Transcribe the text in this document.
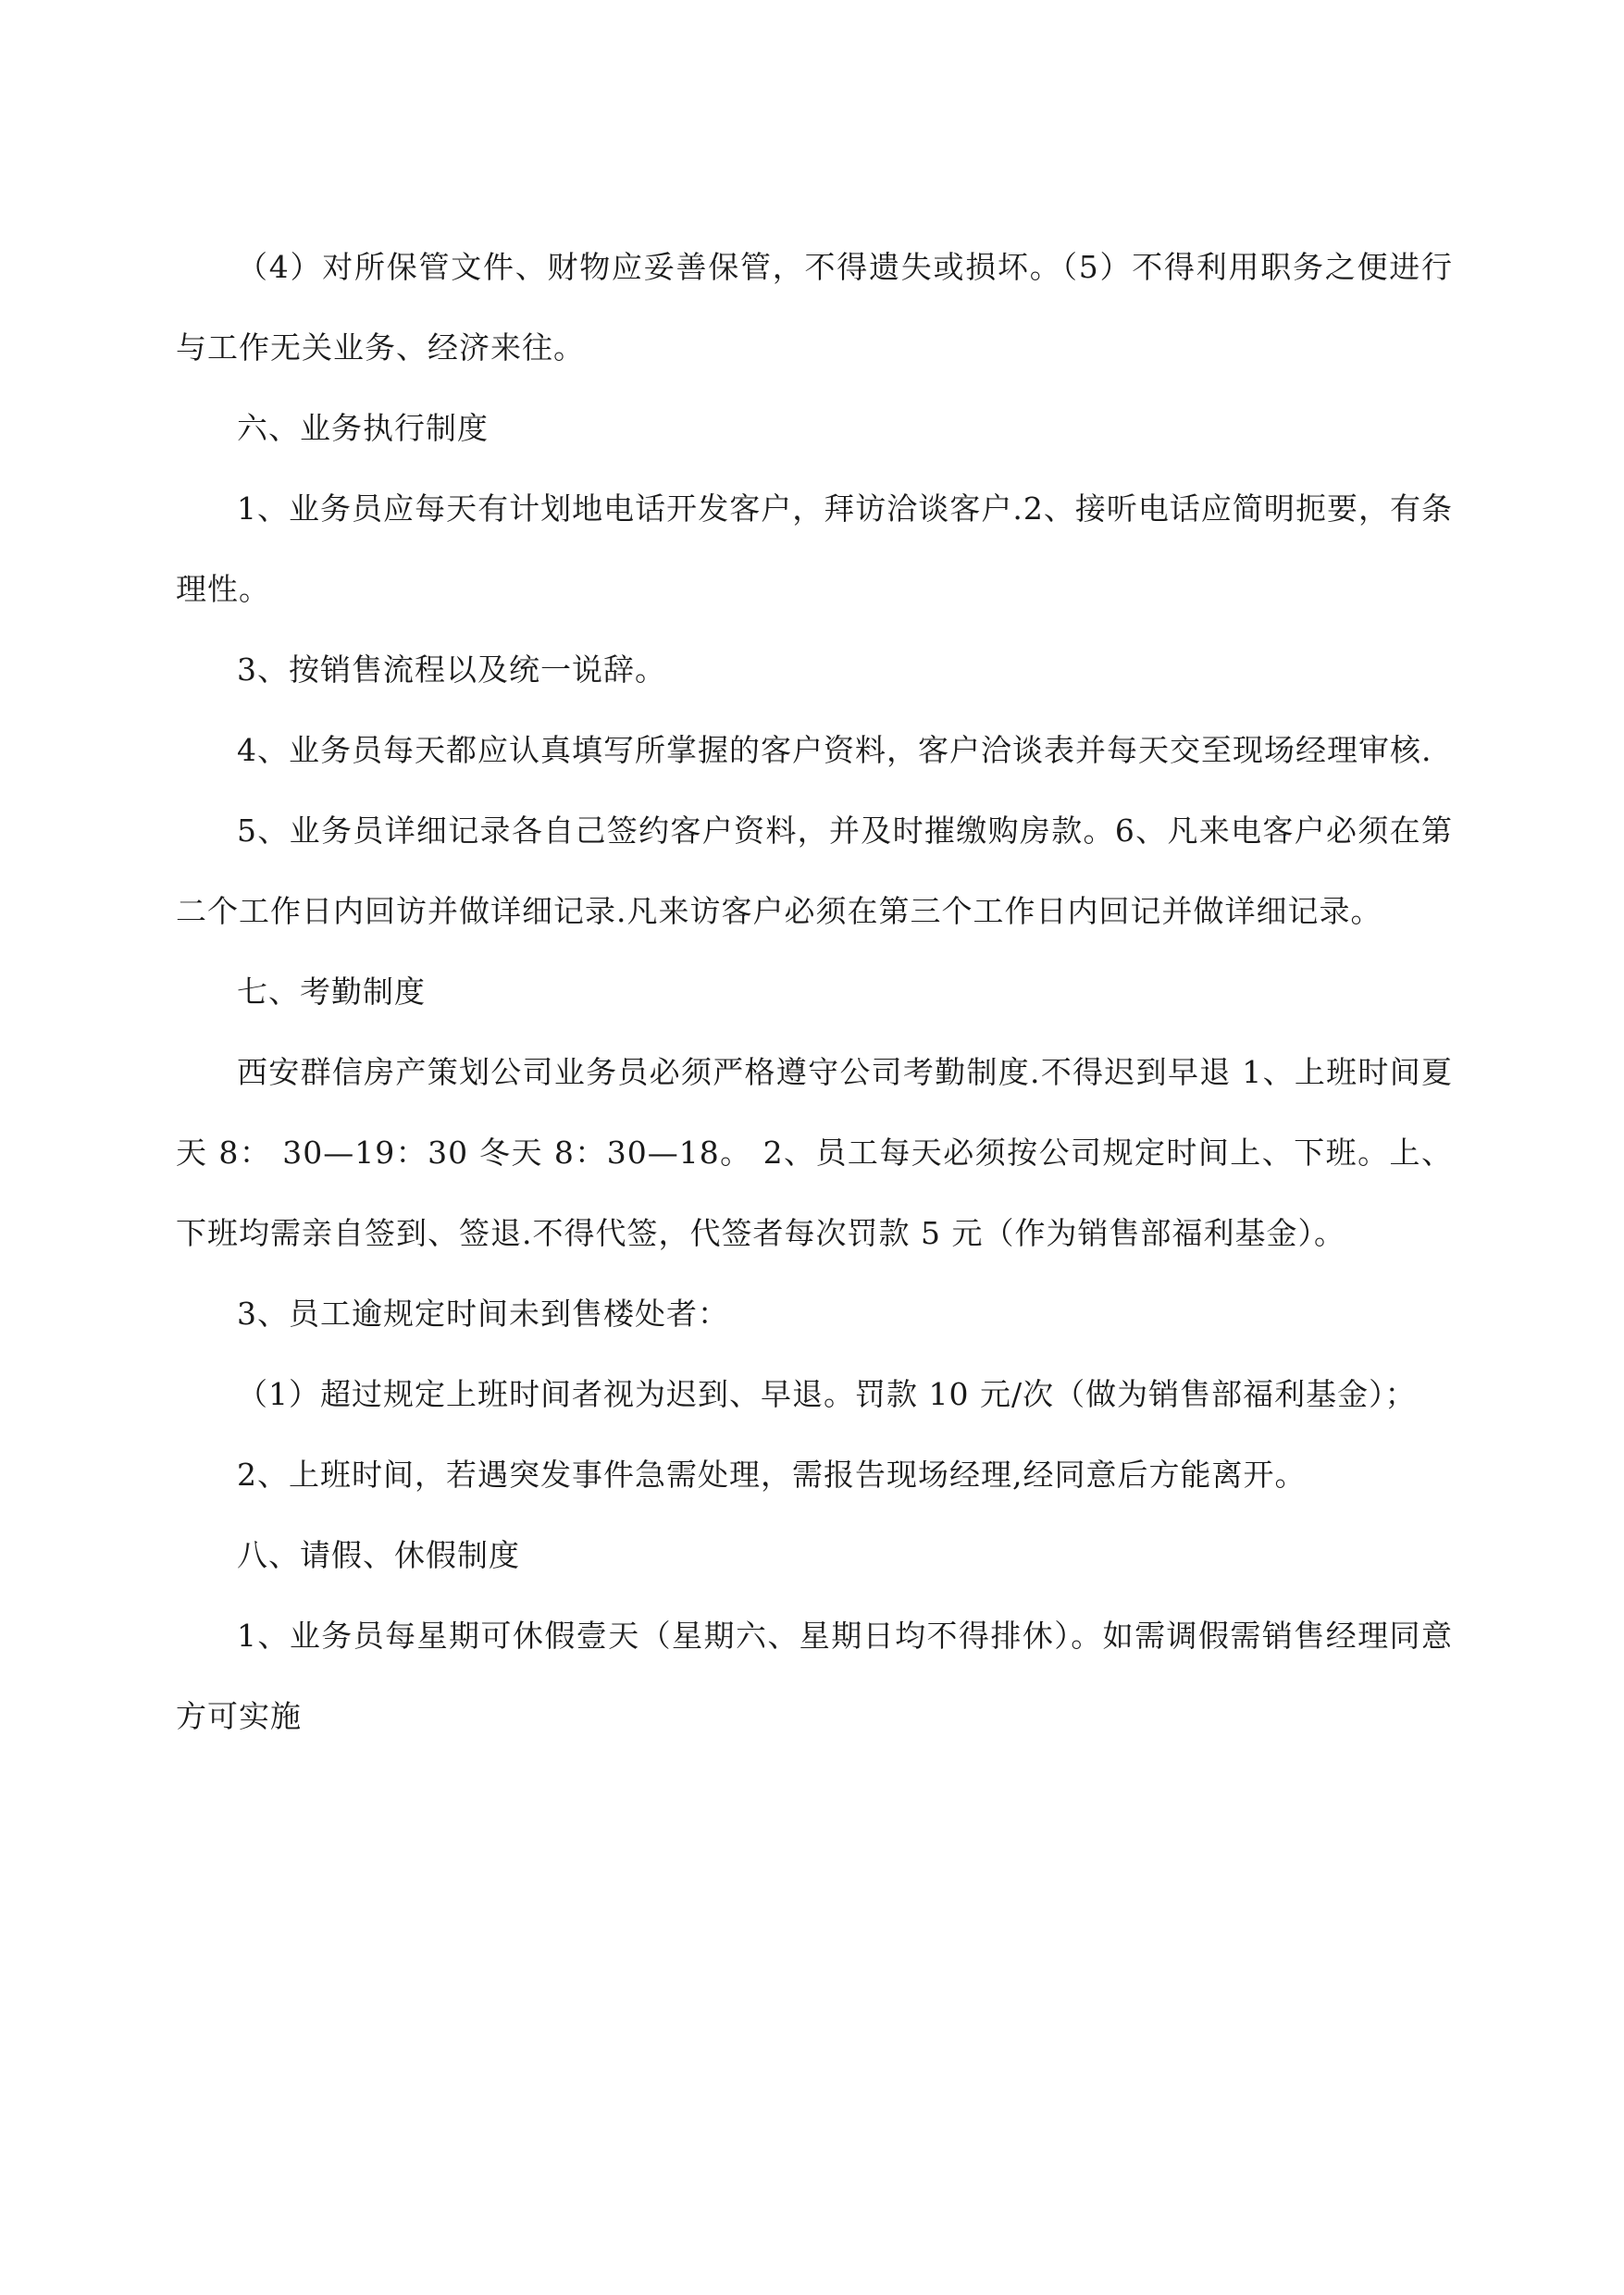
（4）对所保管文件、财物应妥善保管，不得遗失或损坏。（5）不得利用职务之便进行与工作无关业务、经济来往。

六、业务执行制度

1、业务员应每天有计划地电话开发客户，拜访洽谈客户.2、接听电话应简明扼要，有条理性。

3、按销售流程以及统一说辞。

4、业务员每天都应认真填写所掌握的客户资料，客户洽谈表并每天交至现场经理审核.

5、业务员详细记录各自己签约客户资料，并及时摧缴购房款。6、凡来电客户必须在第二个工作日内回访并做详细记录.凡来访客户必须在第三个工作日内回记并做详细记录。

七、考勤制度

西安群信房产策划公司业务员必须严格遵守公司考勤制度.不得迟到早退 1、上班时间夏天 8： 30—19：30 冬天 8：30—18。 2、员工每天必须按公司规定时间上、下班。上、下班均需亲自签到、签退.不得代签，代签者每次罚款 5 元（作为销售部福利基金）。

3、员工逾规定时间未到售楼处者：

（1）超过规定上班时间者视为迟到、早退。罚款 10 元/次（做为销售部福利基金）；

2、上班时间，若遇突发事件急需处理，需报告现场经理,经同意后方能离开。

八、请假、休假制度

1、业务员每星期可休假壹天（星期六、星期日均不得排休）。如需调假需销售经理同意方可实施
